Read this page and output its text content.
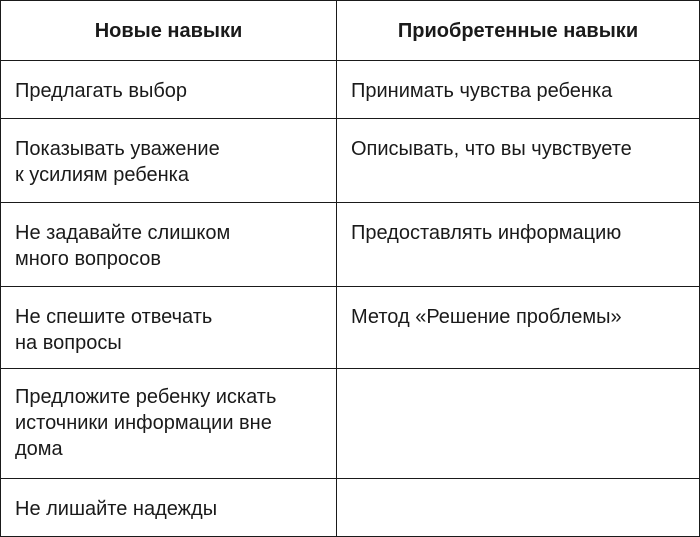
Новые навыки	Приобретенные навыки

Предлагать выбор	Принимать чувства ребенка

Показывать уважение
к усилиям ребенка	Описывать, что вы чувствуете

Не задавайте слишком
много вопросов	Предоставлять информацию

Не спешите отвечать
на вопросы	Метод «Решение проблемы»

Предложите ребенку искать
источники информации вне
дома	

Не лишайте надежды	
